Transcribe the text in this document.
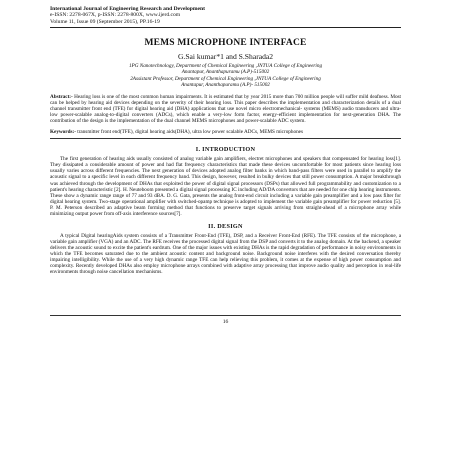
International Journal of Engineering Research and Development
e-ISSN: 2278-067X, p-ISSN: 2278-800X, www.ijerd.com
Volume 11, Issue 09 (September 2015), PP.16-19
MEMS MICROPHONE INTERFACE
G.Sai kumar*1 and S.Sharada2
1PG Nanotechnology, Department of Chemical Engineering ,JNTUA College of Engineering
Anantapur, Ananthapuramu (A.P)-515002
2Assistant Professor, Department of Chemical Engineering ,JNTUA College of Engineering
Anantapur, Ananthapuramu (A.P)- 515002
Abstract:- Hearing loss is one of the most common human impairments. It is estimated that by year 2015 more than 700 million people will suffer mild deafness. Most can be helped by hearing aid devices depending on the severity of their hearing loss. This paper describes the implementation and characterization details of a dual channel transmitter front end (TFE) for digital hearing aid (DHA) applications that use novel micro electromechanical- systems (MEMS) audio transducers and ultra-low power-scalable analog-to-digital converters (ADCs), which enable a very-low form factor, energy-efficient implementation for next-generation DHA. The contribution of the design is the implementation of the dual channel MEMS microphones and power-scalable ADC system.
Keywords:- transmitter front end(TFE), digital hearing aids(DHA), ultra low power scalable ADCs, MEMS microphones
I. INTRODUCTION
The first generation of hearing aids usually consisted of analog variable gain amplifiers, electret microphones and speakers that compensated for hearing loss[1]. They dissipated a considerable amount of power and had flat frequency characteristics that made these devices uncomfortable for most patients since hearing loss usually varies across different frequencies. The next generation of devices adopted analog filter banks in which band-pass filters were used in parallel to amplify the acoustic signal to a specific level in each different frequency band. This design, however, resulted in bulky devices that still power consumption. A major breakthrough was achieved through the development of DHAs that exploited the power of digital signal processors (DSPs) that allowed full programmability and customization to a patient's hearing characteristic [2]. H. Neuteboom presented a digital signal processing IC including AD/DA convertors that are needed for one chip hearing instruments. These show a dynamic range range of 77 and 93 dBA. D. G. Gata, presents the analog front-end circuit including a variable gain preamplifier and a low pass filter for digital hearing system. Two-stage operational amplifier with switched-opamp technique is adopted to implement the variable gain preamplifier for power reduction [5]. P. M. Peterson described an adaptive beam forming method that functions to preserve target signals arriving from straight-ahead of a microphone array while minimizing output power from off-axis interference sources[7].
II. DESIGN
A typical Digital hearingAids system consists of a Transmitter Front-End (TFE), DSP, and a Receiver Front-End (RFE). The TFE consists of the microphone, a variable gain amplifier (VGA) and an ADC. The RFE receives the processed digital signal from the DSP and converts it to the analog domain. At the backend, a speaker delivers the acoustic sound to excite the patient's eardrum. One of the major issues with existing DHAs is the rapid degradation of performance in noisy environments in which the TFE becomes saturated due to the ambient acoustic content and background noise. Background noise interferes with the desired conversation thereby impairing intelligibility. While the use of a very high dynamic range TFE can help relieving this problem, it comes at the expense of high power consumption and complexity. Recently developed DHAs also employ microphone arrays combined with adaptive array processing that improve audio quality and perception in real-life environments through noise cancellation mechanisms.
16
